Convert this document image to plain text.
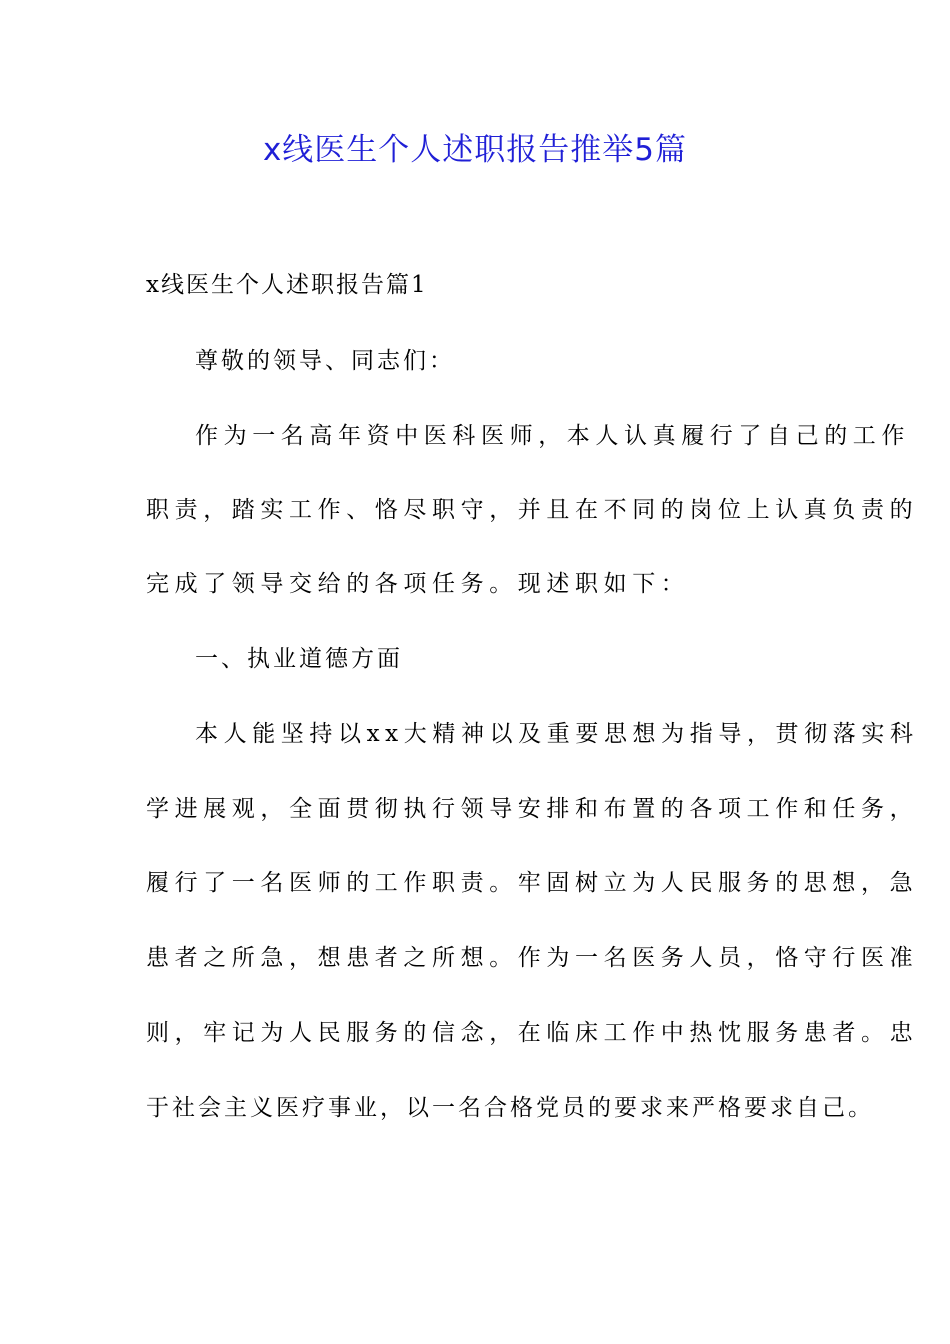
x线医生个人述职报告推举5篇
x线医生个人述职报告篇1
尊敬的领导、同志们：
作为一名高年资中医科医师，本人认真履行了自己的工作
职责，踏实工作、恪尽职守，并且在不同的岗位上认真负责的
完成了领导交给的各项任务。现述职如下：
一、执业道德方面
本人能坚持以xx大精神以及重要思想为指导，贯彻落实科
学进展观，全面贯彻执行领导安排和布置的各项工作和任务，
履行了一名医师的工作职责。牢固树立为人民服务的思想，急
患者之所急，想患者之所想。作为一名医务人员，恪守行医准
则，牢记为人民服务的信念，在临床工作中热忱服务患者。忠
于社会主义医疗事业，以一名合格党员的要求来严格要求自己。
